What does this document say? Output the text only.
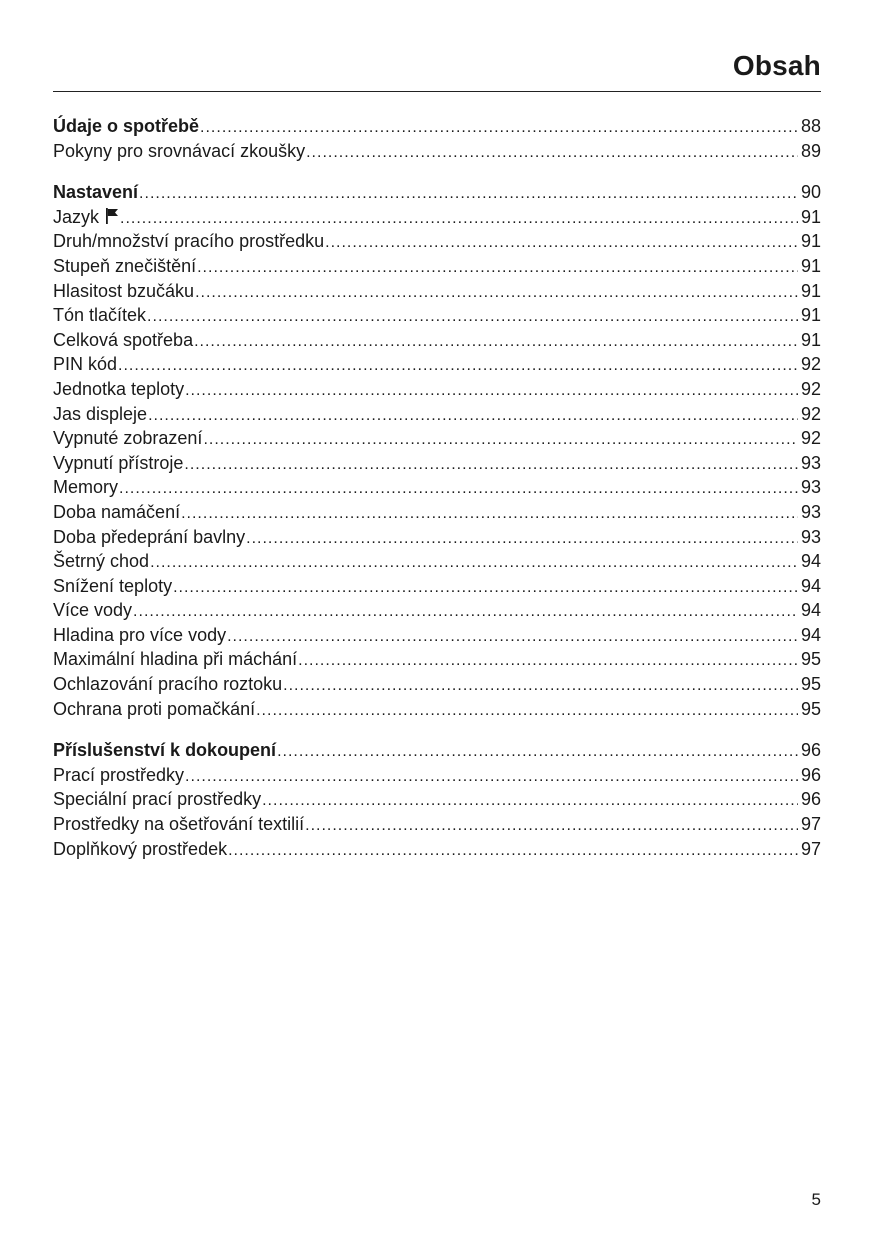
Obsah
Údaje o spotřebě .....	88
Pokyny pro srovnávací zkoušky .....	89
Nastavení .....	90
Jazyk .....	91
Druh/množství pracího prostředku .....	91
Stupeň znečištění .....	91
Hlasitost bzučáku .....	91
Tón tlačítek .....	91
Celková spotřeba .....	91
PIN kód .....	92
Jednotka teploty .....	92
Jas displeje .....	92
Vypnuté zobrazení .....	92
Vypnutí přístroje .....	93
Memory .....	93
Doba namáčení .....	93
Doba předeprání bavlny .....	93
Šetrný chod .....	94
Snížení teploty .....	94
Více vody .....	94
Hladina pro více vody .....	94
Maximální hladina při máchání .....	95
Ochlazování pracího roztoku .....	95
Ochrana proti pomačkání .....	95
Příslušenství k dokoupení .....	96
Prací prostředky .....	96
Speciální prací prostředky .....	96
Prostředky na ošetřování textilií .....	97
Doplňkový prostředek .....	97
5
